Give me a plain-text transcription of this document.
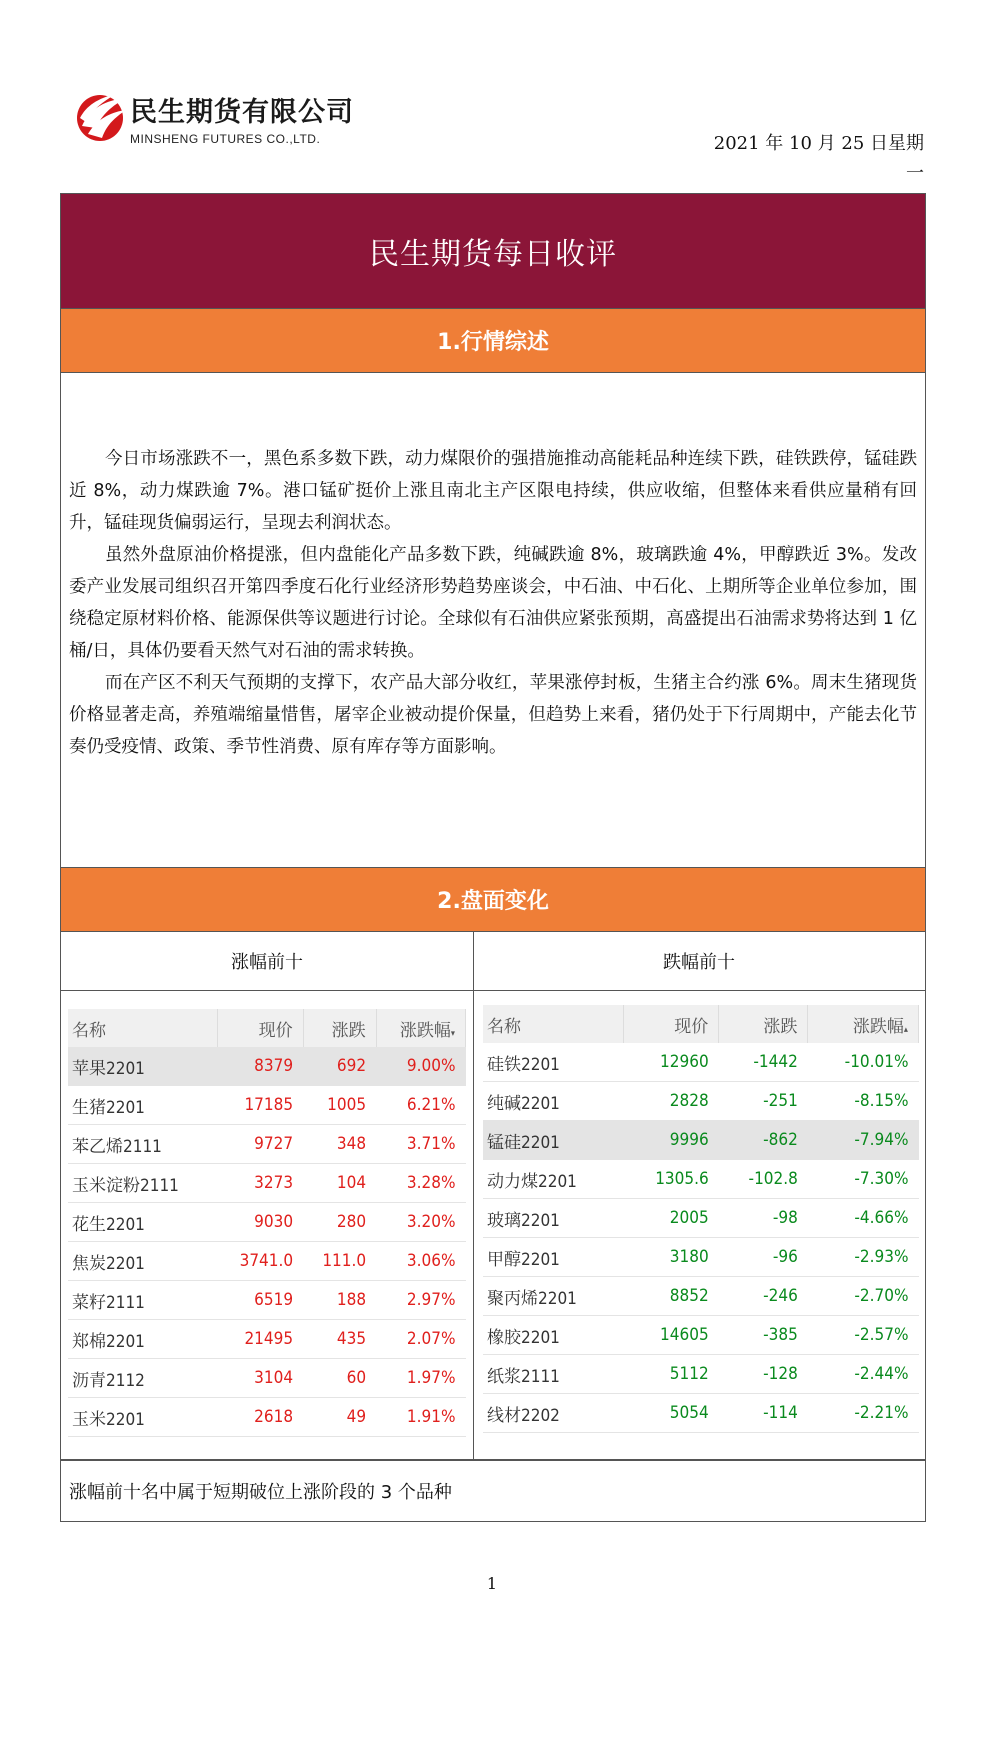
民生期货有限公司
MINSHENG FUTURES CO.,LTD.	2021 年 10 月 25 日星期
一
民生期货每日收评
1.行情综述

今日市场涨跌不一，黑色系多数下跌，动力煤限价的强措施推动高能耗品种连续下跌，硅铁跌停，锰硅跌近 8%，动力煤跌逾 7%。港口锰矿挺价上涨且南北主产区限电持续，供应收缩，但整体来看供应量稍有回升，锰硅现货偏弱运行，呈现去利润状态。

虽然外盘原油价格提涨，但内盘能化产品多数下跌，纯碱跌逾 8%，玻璃跌逾 4%，甲醇跌近 3%。发改委产业发展司组织召开第四季度石化行业经济形势趋势座谈会，中石油、中石化、上期所等企业单位参加，围绕稳定原材料价格、能源保供等议题进行讨论。全球似有石油供应紧张预期，高盛提出石油需求势将达到 1 亿桶/日，具体仍要看天然气对石油的需求转换。

而在产区不利天气预期的支撑下，农产品大部分收红，苹果涨停封板，生猪主合约涨 6%。周末生猪现货价格显著走高，养殖端缩量惜售，屠宰企业被动提价保量，但趋势上来看，猪仍处于下行周期中，产能去化节奏仍受疫情、政策、季节性消费、原有库存等方面影响。

2.盘面变化
涨幅前十	跌幅前十
名称	现价	涨跌	涨跌幅▾
苹果2201	8379	692	9.00%
生猪2201	17185	1005	6.21%
苯乙烯2111	9727	348	3.71%
玉米淀粉2111	3273	104	3.28%
花生2201	9030	280	3.20%
焦炭2201	3741.0	111.0	3.06%
菜籽2111	6519	188	2.97%
郑棉2201	21495	435	2.07%
沥青2112	3104	60	1.97%
玉米2201	2618	49	1.91%
名称	现价	涨跌	涨跌幅▴
硅铁2201	12960	-1442	-10.01%
纯碱2201	2828	-251	-8.15%
锰硅2201	9996	-862	-7.94%
动力煤2201	1305.6	-102.8	-7.30%
玻璃2201	2005	-98	-4.66%
甲醇2201	3180	-96	-2.93%
聚丙烯2201	8852	-246	-2.70%
橡胶2201	14605	-385	-2.57%
纸浆2111	5112	-128	-2.44%
线材2202	5054	-114	-2.21%
涨幅前十名中属于短期破位上涨阶段的 3 个品种
1
